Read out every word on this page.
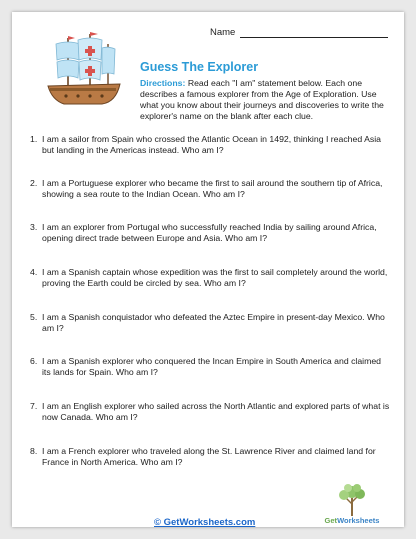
Name
Guess The Explorer
Directions: Read each "I am" statement below. Each one describes a famous explorer from the Age of Exploration. Use what you know about their journeys and discoveries to write the explorer's name on the blank after each clue.
1. I am a sailor from Spain who crossed the Atlantic Ocean in 1492, thinking I reached Asia but landing in the Americas instead. Who am I?
2. I am a Portuguese explorer who became the first to sail around the southern tip of Africa, showing a sea route to the Indian Ocean. Who am I?
3. I am an explorer from Portugal who successfully reached India by sailing around Africa, opening direct trade between Europe and Asia. Who am I?
4. I am a Spanish captain whose expedition was the first to sail completely around the world, proving the Earth could be circled by sea. Who am I?
5. I am a Spanish conquistador who defeated the Aztec Empire in present-day Mexico. Who am I?
6. I am a Spanish explorer who conquered the Incan Empire in South America and claimed its lands for Spain. Who am I?
7. I am an English explorer who sailed across the North Atlantic and explored parts of what is now Canada. Who am I?
8. I am a French explorer who traveled along the St. Lawrence River and claimed land for France in North America. Who am I?
© GetWorksheets.com	GetWorksheets
